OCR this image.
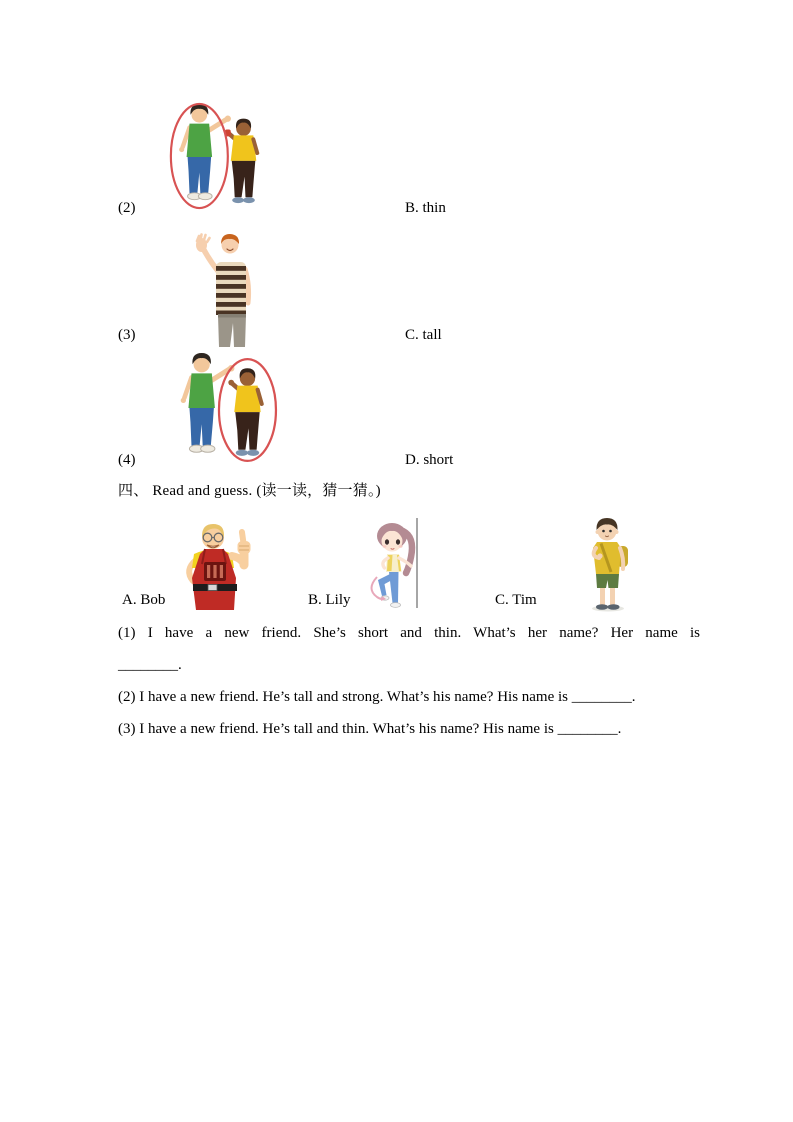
(2)	B. thin
(3)	C. tall
(4)	D. short
四、 Read and guess. (读一读，猜一猜。)
A. Bob	B. Lily	C. Tim
(1) I have a new friend. She’s short and thin. What’s her name? Her name is
________.
(2) I have a new friend. He’s tall and strong. What’s his name? His name is ________.
(3) I have a new friend. He’s tall and thin. What’s his name? His name is ________.
